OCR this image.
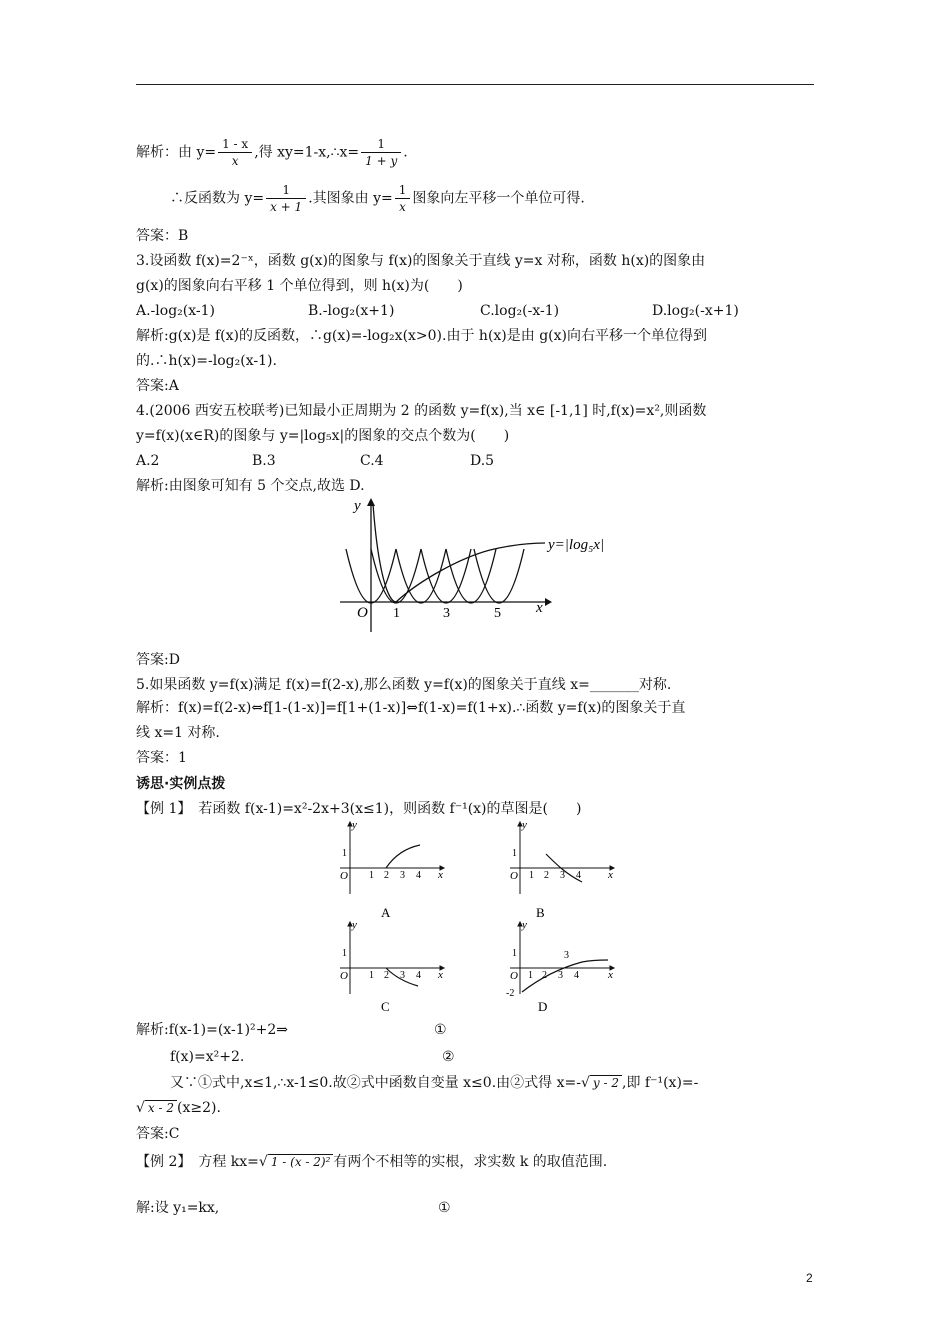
解析：由 $y= \frac{1 - x}{x}$ ,得 xy=1-x,∴x= $\frac{1}{1 + y}$ .
∴反函数为 $y= \frac{1}{x + 1}$ .其图象由 $y= \frac{1}{x}$ 图象向左平移一个单位可得.
答案：B
3.设函数 f(x)=2⁻ˣ，函数 g(x)的图象与 f(x)的图象关于直线 y=x 对称，函数 h(x)的图象由
g(x)的图象向右平移 1 个单位得到，则 h(x)为(　　)
A.-log₂(x-1)	B.-log₂(x+1)	C.log₂(-x-1)	D.log₂(-x+1)
解析:g(x)是 f(x)的反函数，∴g(x)=-log₂x(x>0).由于 h(x)是由 g(x)向右平移一个单位得到
的.∴h(x)=-log₂(x-1).
答案:A
4.(2006 西安五校联考)已知最小正周期为 2 的函数 y=f(x),当 x∈ [-1,1] 时,f(x)=x²,则函数
y=f(x)(x∈R)的图象与 y=|log₅x|的图象的交点个数为(　　)
A.2	B.3	C.4	D.5
解析:由图象可知有 5 个交点,故选 D.
y
x
O 1	3	5
y=|log₅x|
答案:D
5.如果函数 y=f(x)满足 f(x)=f(2-x),那么函数 y=f(x)的图象关于直线 x=_______对称.
解析：f(x)=f(2-x)⇔f[1-(1-x)]=f[1+(1-x)]⇔f(1-x)=f(1+x).∴函数 y=f(x)的图象关于直
线 x=1 对称.
答案：1
诱思·实例点拨
【例 1】　若函数 f(x-1)=x²-2x+3(x≤1)，则函数 f⁻¹(x)的草图是(　　)
y
x
O
1
1 2 3 4
A
y
x
O
1
1 2 3 4
B
y
x
O
1
1 2 3 4
C
y
x
O
1
1 2 3 4
3
-2
D
解析:f(x-1)=(x-1)²+2⇒	①
f(x)=x²+2.	②
又∵①式中,x≤1,∴x-1≤0.故②式中函数自变量 x≤0.由②式得 x=-√ y - 2 ,即 f⁻¹(x)=-
√ x - 2 (x≥2).
答案:C
【例 2】　方程 kx=√ 1 - (x - 2)² 有两个不相等的实根，求实数 k 的取值范围.
解:设 y₁=kx,	①
2
